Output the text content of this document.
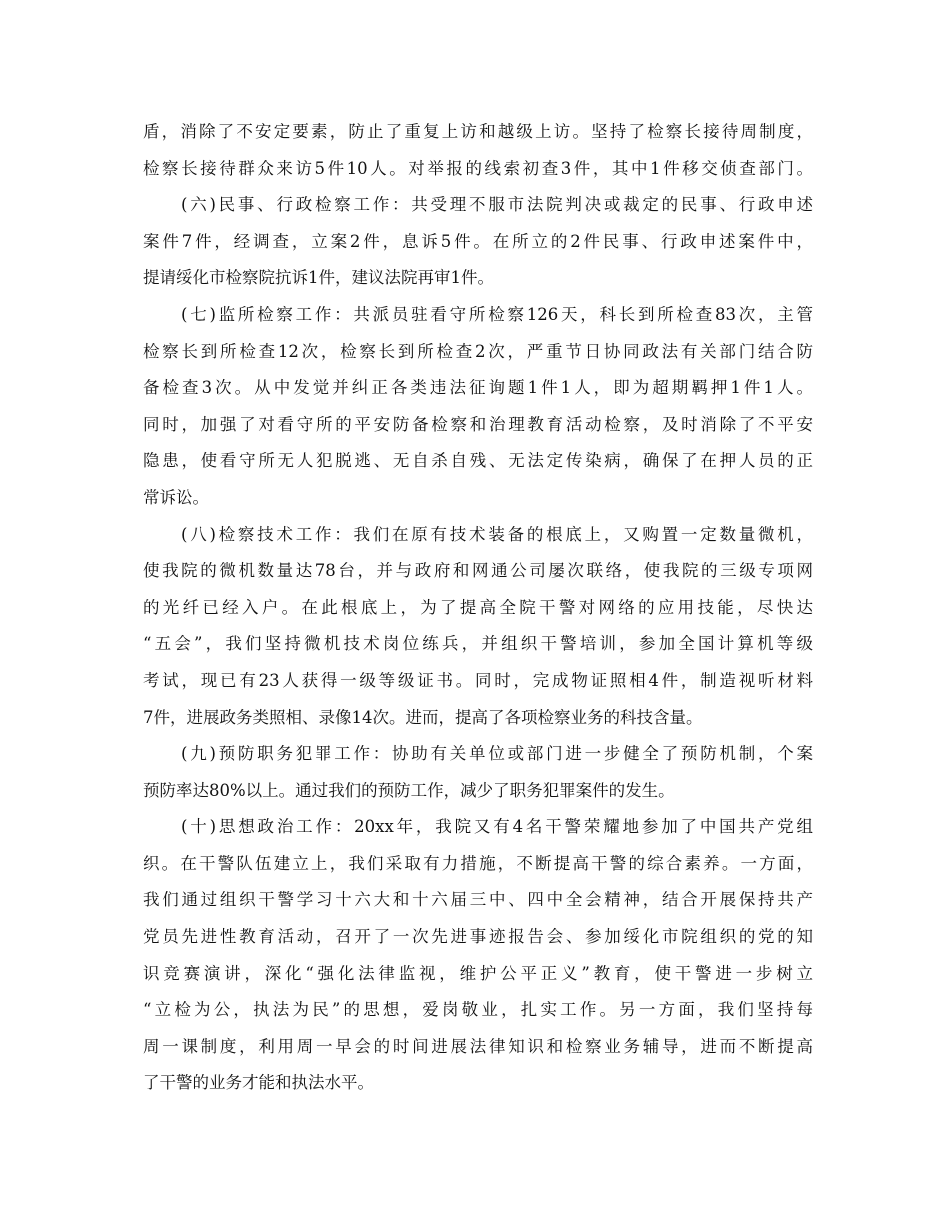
盾，消除了不安定要素，防止了重复上访和越级上访。坚持了检察长接待周制度，
检察长接待群众来访5件10人。对举报的线索初查3件，其中1件移交侦查部门。
(六)民事、行政检察工作：共受理不服市法院判决或裁定的民事、行政申述
案件7件，经调查，立案2件，息诉5件。在所立的2件民事、行政申述案件中，
提请绥化市检察院抗诉1件，建议法院再审1件。
(七)监所检察工作：共派员驻看守所检察126天，科长到所检查83次，主管
检察长到所检查12次，检察长到所检查2次，严重节日协同政法有关部门结合防
备检查3次。从中发觉并纠正各类违法征询题1件1人，即为超期羁押1件1人。
同时，加强了对看守所的平安防备检察和治理教育活动检察，及时消除了不平安
隐患，使看守所无人犯脱逃、无自杀自残、无法定传染病，确保了在押人员的正
常诉讼。
(八)检察技术工作：我们在原有技术装备的根底上，又购置一定数量微机，
使我院的微机数量达78台，并与政府和网通公司屡次联络，使我院的三级专项网
的光纤已经入户。在此根底上，为了提高全院干警对网络的应用技能，尽快达
“五会”，我们坚持微机技术岗位练兵，并组织干警培训，参加全国计算机等级
考试，现已有23人获得一级等级证书。同时，完成物证照相4件，制造视听材料
7件，进展政务类照相、录像14次。进而，提高了各项检察业务的科技含量。
(九)预防职务犯罪工作：协助有关单位或部门进一步健全了预防机制，个案
预防率达80%以上。通过我们的预防工作，减少了职务犯罪案件的发生。
(十)思想政治工作：20xx年，我院又有4名干警荣耀地参加了中国共产党组
织。在干警队伍建立上，我们采取有力措施，不断提高干警的综合素养。一方面，
我们通过组织干警学习十六大和十六届三中、四中全会精神，结合开展保持共产
党员先进性教育活动，召开了一次先进事迹报告会、参加绥化市院组织的党的知
识竞赛演讲，深化“强化法律监视，维护公平正义”教育，使干警进一步树立
“立检为公，执法为民”的思想，爱岗敬业，扎实工作。另一方面，我们坚持每
周一课制度，利用周一早会的时间进展法律知识和检察业务辅导，进而不断提高
了干警的业务才能和执法水平。
